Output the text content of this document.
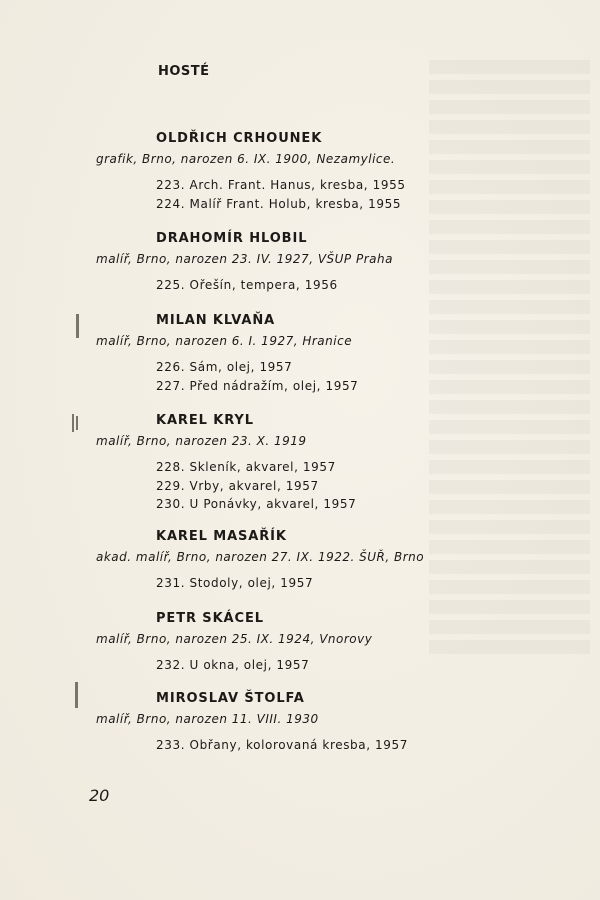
HOSTÉ
OLDŘICH CRHOUNEK
grafik, Brno, narozen 6. IX. 1900, Nezamylice.
223. Arch. Frant. Hanus, kresba, 1955
224. Malíř Frant. Holub, kresba, 1955
DRAHOMÍR HLOBIL
malíř, Brno, narozen 23. IV. 1927, VŠUP Praha
225. Ořešín, tempera, 1956
MILAN KLVAŇA
malíř, Brno, narozen 6. I. 1927, Hranice
226. Sám, olej, 1957
227. Před nádražím, olej, 1957
KAREL KRYL
malíř, Brno, narozen 23. X. 1919
228. Skleník, akvarel, 1957
229. Vrby, akvarel, 1957
230. U Ponávky, akvarel, 1957
KAREL MASAŘÍK
akad. malíř, Brno, narozen 27. IX. 1922. ŠUŘ, Brno
231. Stodoly, olej, 1957
PETR SKÁCEL
malíř, Brno, narozen 25. IX. 1924, Vnorovy
232. U okna, olej, 1957
MIROSLAV ŠTOLFA
malíř, Brno, narozen 11. VIII. 1930
233. Obřany, kolorovaná kresba, 1957
20
